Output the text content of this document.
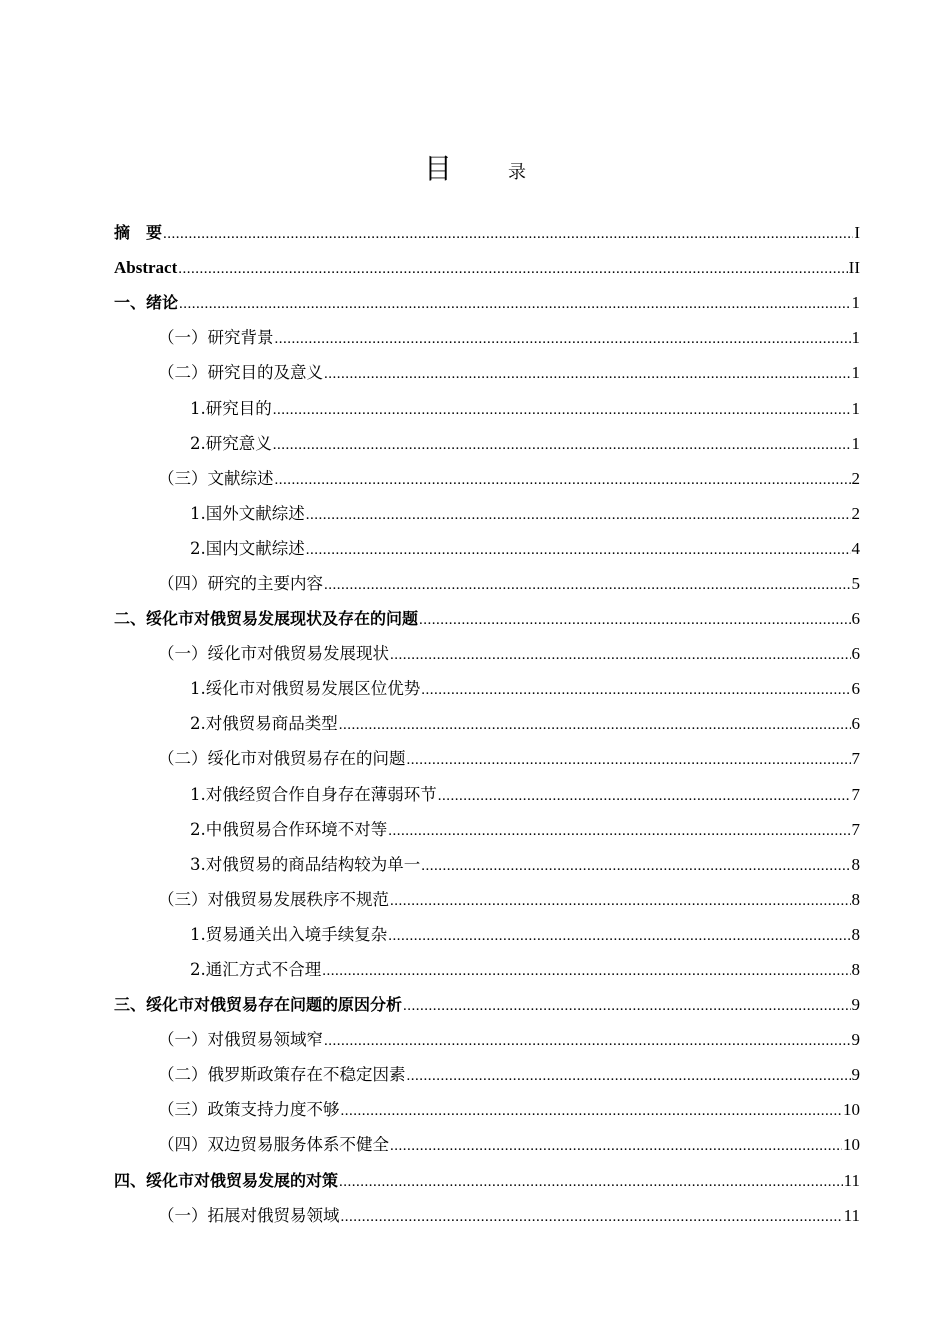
目	录
摘　要 .....	I
Abstract .....	II
一、绪论 .....	1
（一）研究背景 .....	1
（二）研究目的及意义 .....	1
1.研究目的 .....	1
2.研究意义 .....	1
（三）文献综述 .....	2
1.国外文献综述 .....	2
2.国内文献综述 .....	4
（四）研究的主要内容 .....	5
二、绥化市对俄贸易发展现状及存在的问题 .....	6
（一）绥化市对俄贸易发展现状 .....	6
1.绥化市对俄贸易发展区位优势 .....	6
2.对俄贸易商品类型 .....	6
（二）绥化市对俄贸易存在的问题 .....	7
1.对俄经贸合作自身存在薄弱环节 .....	7
2.中俄贸易合作环境不对等 .....	7
3.对俄贸易的商品结构较为单一 .....	8
（三）对俄贸易发展秩序不规范 .....	8
1.贸易通关出入境手续复杂 .....	8
2.通汇方式不合理 .....	8
三、绥化市对俄贸易存在问题的原因分析 .....	9
（一）对俄贸易领域窄 .....	9
（二）俄罗斯政策存在不稳定因素 .....	9
（三）政策支持力度不够 .....	10
（四）双边贸易服务体系不健全 .....	10
四、绥化市对俄贸易发展的对策 .....	11
（一）拓展对俄贸易领域 .....	11
